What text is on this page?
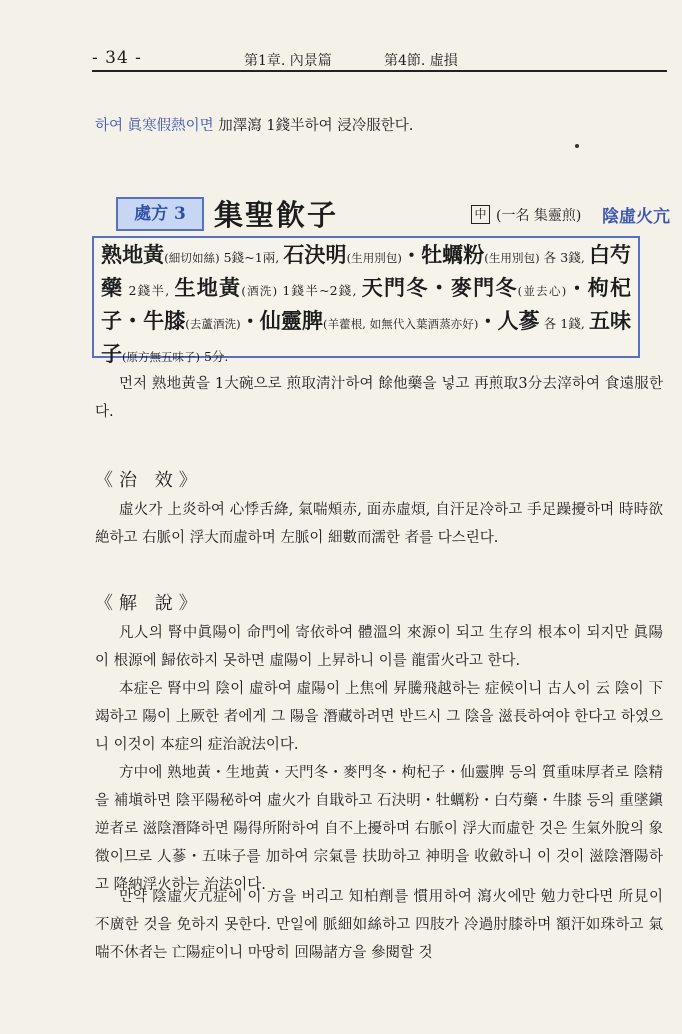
- 34 -	第1章. 內景篇	第4節. 虛損
하여 眞寒假熱이면 加澤瀉 1錢半하여 浸冷服한다.
處方 3 集聖飮子	中 (一名 集靈煎) 陰虛火亢
熟地黃(細切如絲) 5錢~1兩, 石決明(生用別包)・牡蠣粉(生用別包) 各 3錢, 白芍藥 2錢半, 生地黃(酒洗) 1錢半~2錢, 天門冬・麥門冬(並去心)・枸杞子・牛膝(去蘆酒洗)・仙靈脾(羊藿根, 如無代入葉酒蒸亦好)・人蔘 各 1錢, 五味子(原方無五味子) 5分.
먼저 熟地黃을 1大碗으로 煎取淸汁하여 餘他藥을 넣고 再煎取3分去滓하여 食遠服한다.
《治 效》
虛火가 上炎하여 心悸舌絳, 氣喘頰赤, 面赤虛煩, 自汗足冷하고 手足躁擾하며 時時欲絶하고 右脈이 浮大而虛하며 左脈이 細數而濡한 者를 다스린다.
《解 說》
凡人의 腎中眞陽이 命門에 寄依하여 體溫의 來源이 되고 生存의 根本이 되지만 眞陽이 根源에 歸依하지 못하면 虛陽이 上昇하니 이를 龍雷火라고 한다.
本症은 腎中의 陰이 虛하여 虛陽이 上焦에 昇騰飛越하는 症候이니 古人이 云 陰이 下竭하고 陽이 上厥한 者에게 그 陽을 潛藏하려면 반드시 그 陰을 滋長하여야 한다고 하였으니 이것이 本症의 症治說法이다.
方中에 熟地黃・生地黃・天門冬・麥門冬・枸杞子・仙靈脾 등의 質重味厚者로 陰精을 補塡하면 陰平陽秘하여 虛火가 自戢하고 石決明・牡蠣粉・白芍藥・牛膝 등의 重墜鎭逆者로 滋陰潛降하면 陽得所附하여 自不上擾하며 右脈이 浮大而虛한 것은 生氣外脫의 象徵이므로 人蔘・五味子를 加하여 宗氣를 扶助하고 神明을 收斂하니 이 것이 滋陰潛陽하고 降納浮火하는 治法이다.
만약 陰虛火亢症에 이 方을 버리고 知柏劑를 慣用하여 瀉火에만 勉力한다면 所見이 不廣한 것을 免하지 못한다. 만일에 脈細如絲하고 四肢가 冷過肘膝하며 額汗如珠하고 氣喘不休者는 亡陽症이니 마땅히 回陽諸方을 參閱할 것
